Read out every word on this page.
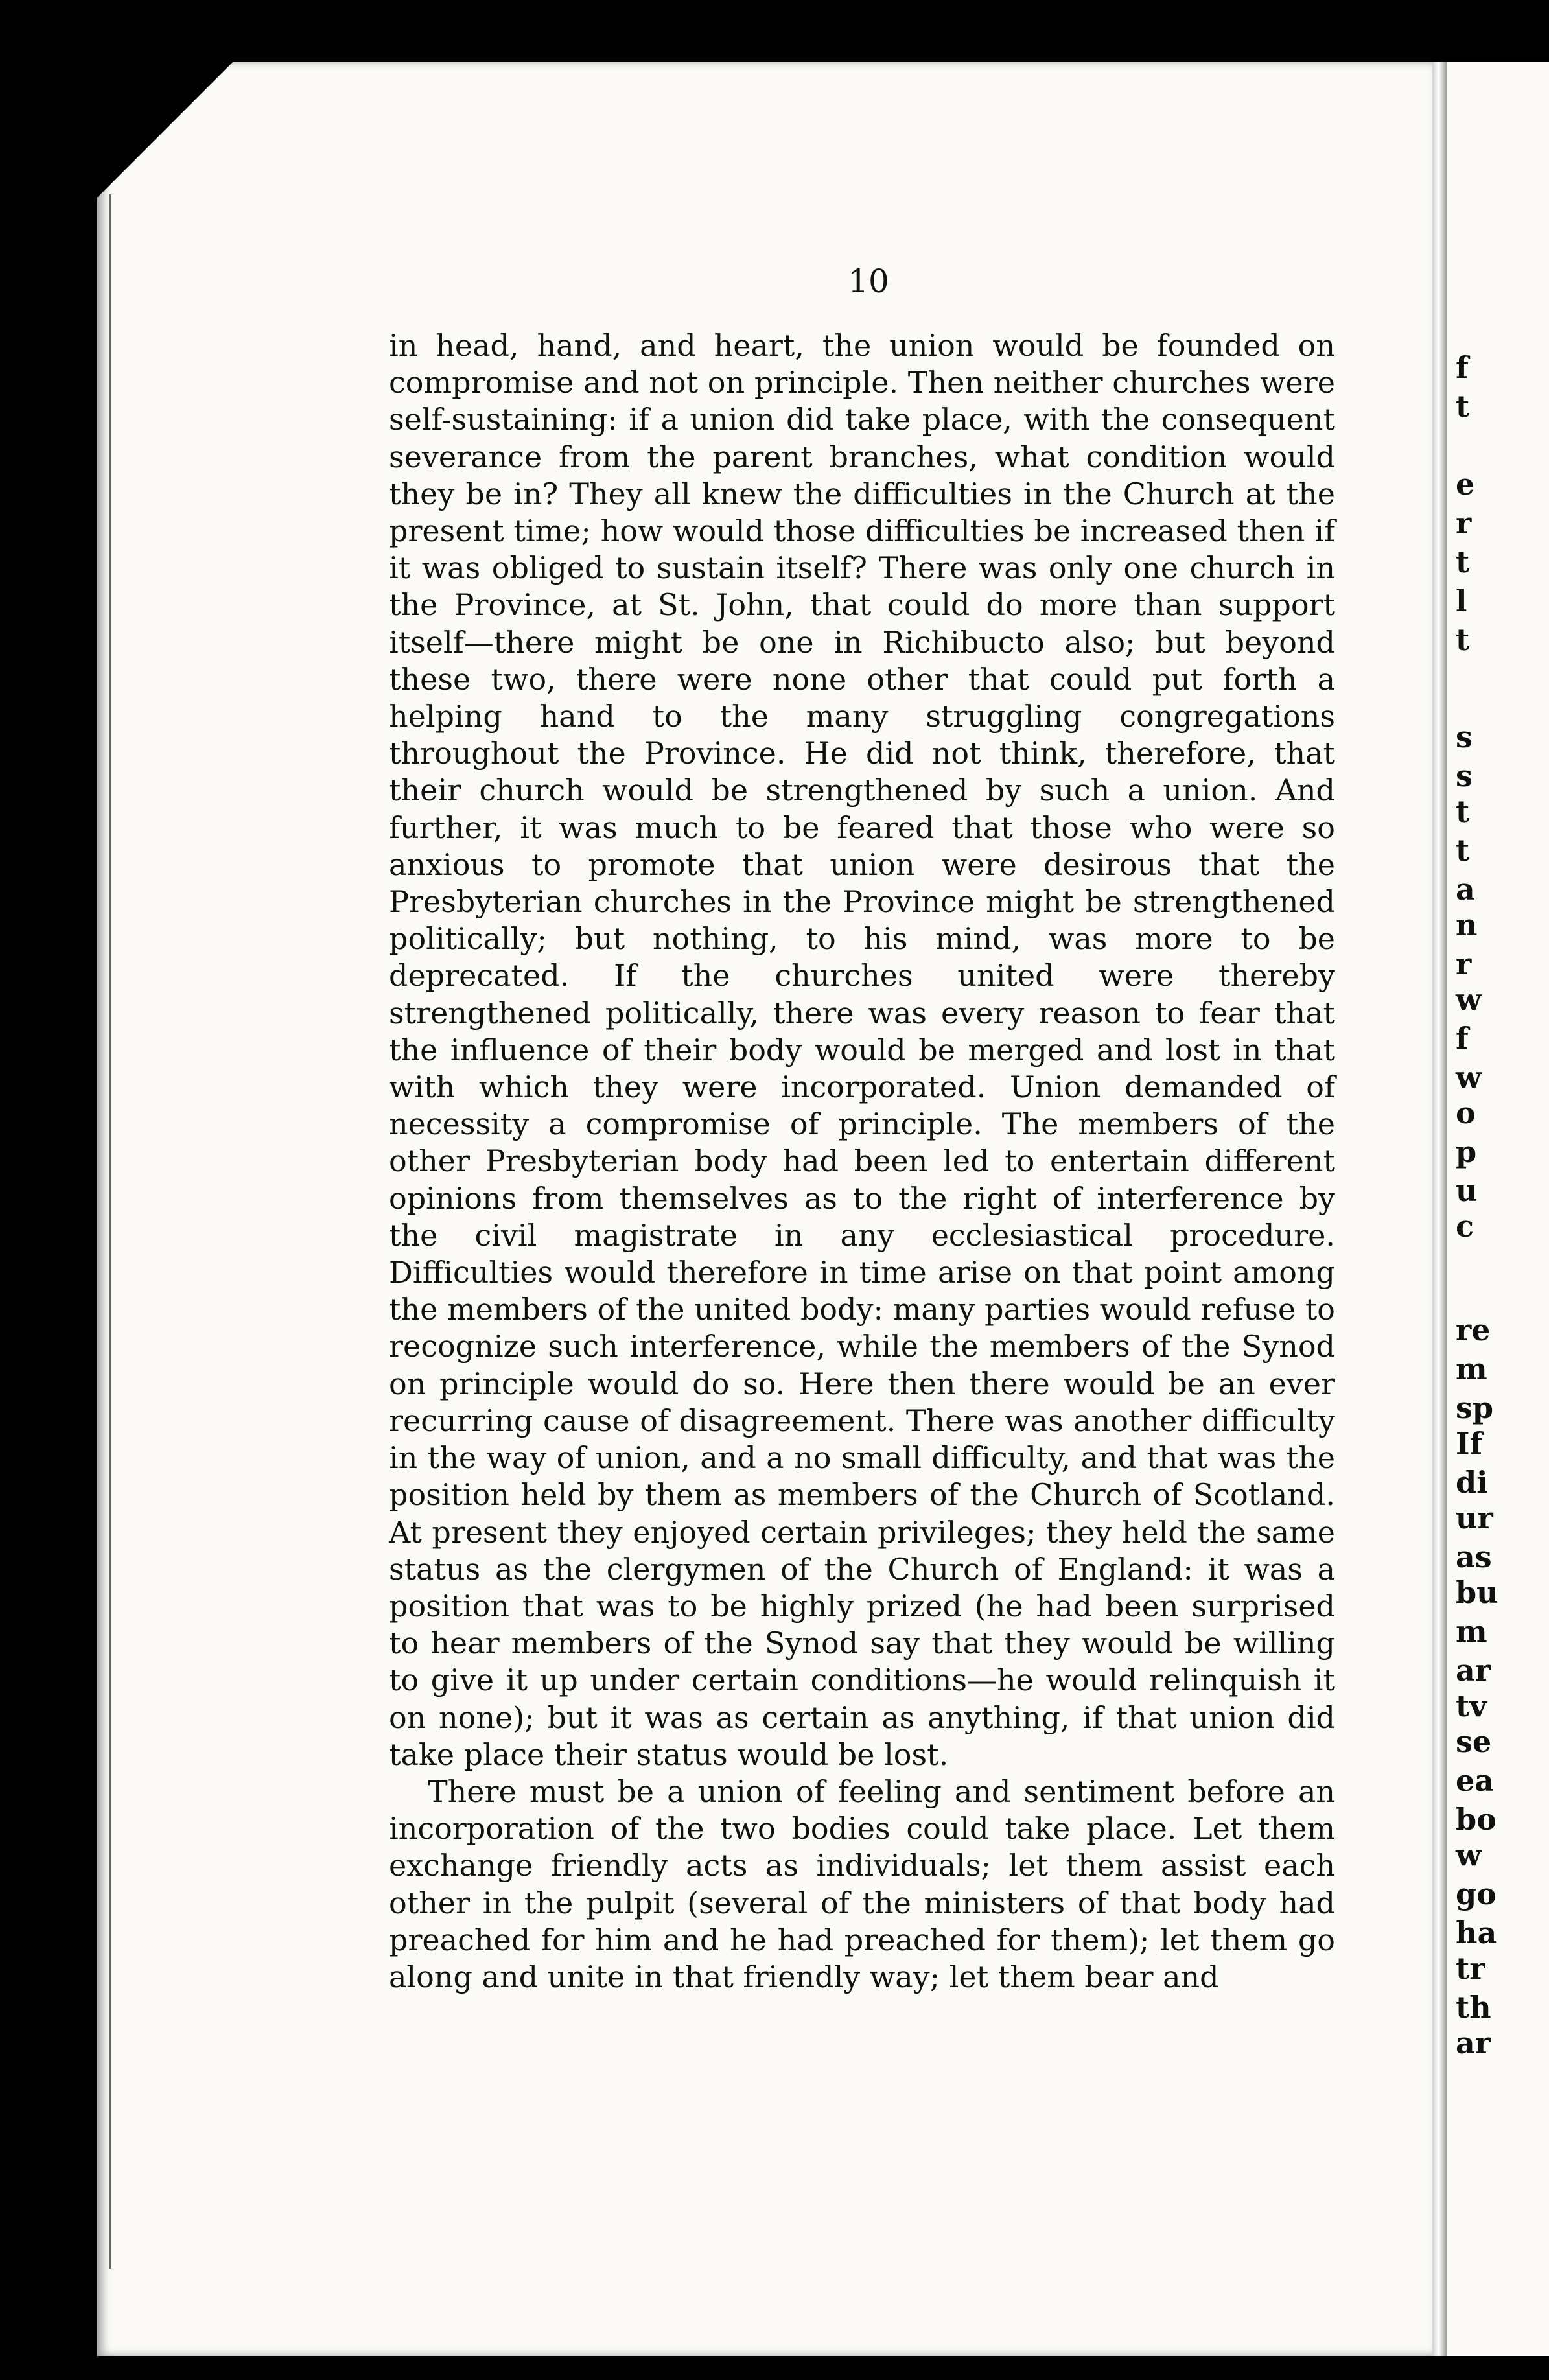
10

in head, hand, and heart, the union would be founded on compromise and not on principle. Then neither churches were self-sustaining: if a union did take place, with the consequent severance from the parent branches, what condition would they be in? They all knew the difficulties in the Church at the present time; how would those difficulties be increased then if it was obliged to sustain itself? There was only one church in the Province, at St. John, that could do more than support itself—there might be one in Richibucto also; but beyond these two, there were none other that could put forth a helping hand to the many struggling congregations throughout the Province. He did not think, therefore, that their church would be strengthened by such a union. And further, it was much to be feared that those who were so anxious to promote that union were desirous that the Presbyterian churches in the Province might be strengthened politically; but nothing, to his mind, was more to be deprecated. If the churches united were thereby strengthened politically, there was every reason to fear that the influence of their body would be merged and lost in that with which they were incorporated. Union demanded of necessity a compromise of principle. The members of the other Presbyterian body had been led to entertain different opinions from themselves as to the right of interference by the civil magistrate in any ecclesiastical procedure. Difficulties would therefore in time arise on that point among the members of the united body: many parties would refuse to recognize such interference, while the members of the Synod on principle would do so. Here then there would be an ever recurring cause of disagreement. There was another difficulty in the way of union, and a no small difficulty, and that was the position held by them as members of the Church of Scotland. At present they enjoyed certain privileges; they held the same status as the clergymen of the Church of England: it was a position that was to be highly prized (he had been surprised to hear members of the Synod say that they would be willing to give it up under certain conditions—he would relinquish it on none); but it was as certain as anything, if that union did take place their status would be lost.

There must be a union of feeling and sentiment before an incorporation of the two bodies could take place. Let them exchange friendly acts as individuals; let them assist each other in the pulpit (several of the ministers of that body had preached for him and he had preached for them); let them go along and unite in that friendly way; let them bear and

f
t
e
r
t
l
t
s
s
t
t
a
n
r
w
f
w
o
p
u
c
re
m
sp
If
di
ur
as
bu
m
ar
tv
se
ea
bo
w
go
ha
tr
th
ar
